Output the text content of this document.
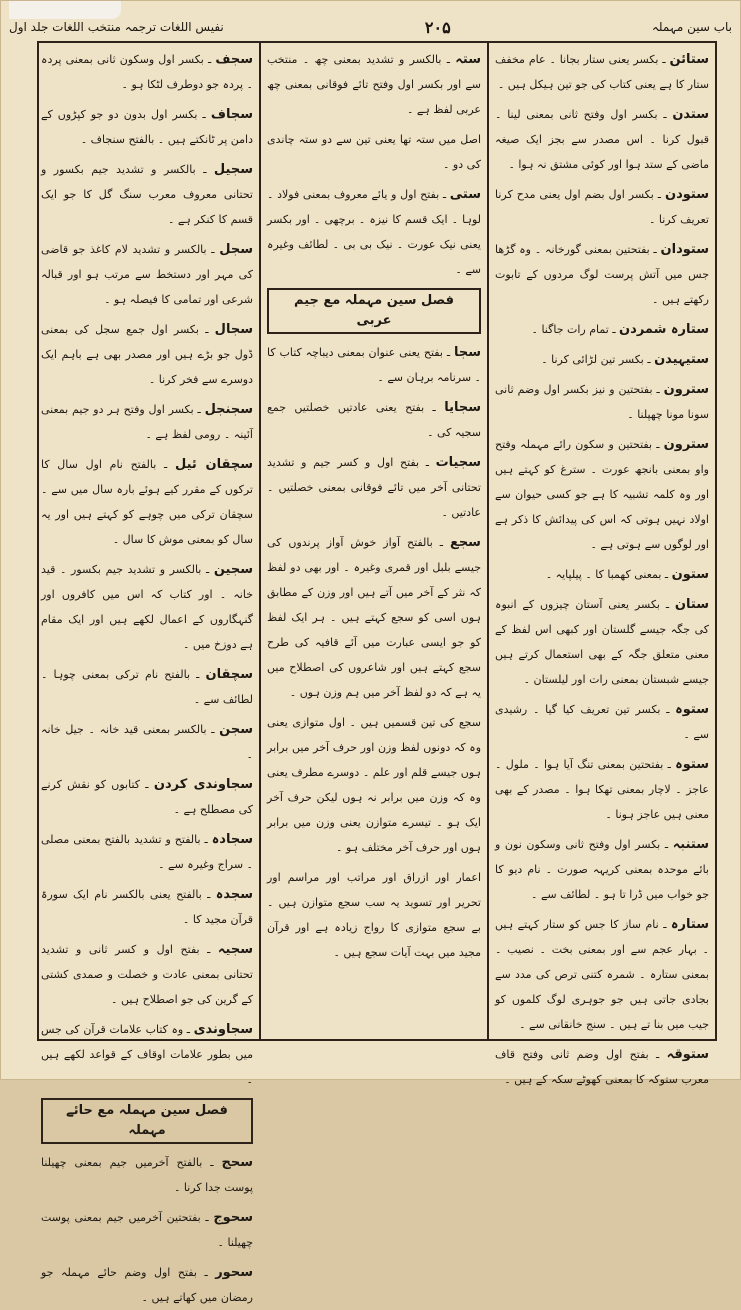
باب سین مہملہ
۲۰۵
نفیس اللغات ترجمہ منتخب اللغات جلد اول

ستائن ـ بکسر یعنی ستار بجانا ۔ عام مخفف ستار کا ہے یعنی کتاب کی جو تین ہیکل ہیں ۔

ستدن ـ بکسر اول وفتح ثانی بمعنی لینا ۔ قبول کرنا ۔ اس مصدر سے بجز ایک صیغہ ماضی کے ستد ہوا اور کوئی مشتق نہ ہوا ۔

ستودن ـ بکسر اول بضم اول یعنی مدح کرنا تعریف کرنا ۔

ستودان ـ بفتحتین بمعنی گورخانہ ۔ وہ گڑھا جس میں آتش پرست لوگ مردوں کے تابوت رکھتے ہیں ۔

ستارہ شمردن ـ تمام رات جاگنا ۔

ستیہیدن ـ بکسر تین لڑائی کرنا ۔

سترون ـ بفتحتین و نیز بکسر اول وضم ثانی سونا مونا چھپلنا ۔

سترون ـ بفتحتین و سکون رائے مہملہ وفتح واو بمعنی بانجھ عورت ۔ سترغ کو کہتے ہیں اور وہ کلمہ تشبیہ کا ہے جو کسی حیوان سے اولاد نہیں ہوتی کہ اس کی پیدائش کا ذکر ہے اور لوگوں سے ہوتی ہے ۔

ستون ـ بمعنی کھمبا کا ۔ پیلپایہ ۔

ستان ـ بکسر یعنی آستان چیزوں کے انبوہ کی جگہ جیسے گلستان اور کبھی اس لفظ کے معنی متعلق جگہ کے بھی استعمال کرتے ہیں جیسے شبستان بمعنی رات اور لیلستان ۔

ستوہ ـ بکسر تین تعریف کیا گیا ۔ رشیدی سے ۔

ستوہ ـ بفتحتین بمعنی تنگ آیا ہوا ۔ ملول ۔ عاجز ۔ لاچار بمعنی تھکا ہوا ۔ مصدر کے بھی معنی ہیں عاجز ہونا ۔

ستنبہ ـ بکسر اول وفتح ثانی وسکون نون و بائے موحدہ بمعنی کریہہ صورت ۔ نام دیو کا جو خواب میں ڈرا تا ہو ۔ لطائف سے ۔

ستارہ ـ نام ساز کا جس کو ستار کہتے ہیں ۔ بہار عجم سے اور بمعنی بخت ۔ نصیب ۔ بمعنی ستارہ ۔ شمرہ کتنی ترص کی مدد سے بجادی جاتی ہیں جو جوہری لوگ کلموں کو جیب میں بنا تے ہیں ۔ سنج خانقانی سے ۔

ستوقہ ـ بفتح اول وضم ثانی وفتح قاف معرب ستوکہ کا بمعنی کھوٹے سکہ کے ہیں ۔

ستہ ـ بالکسر و تشدید بمعنی چھ ۔ منتخب سے اور بکسر اول وفتح تائے فوقانی بمعنی چھ عربی لفظ ہے ۔

اصل میں ستہ تھا یعنی تین سے دو ستہ چاندی کی دو ۔

ستی ـ بفتح اول و یائے معروف بمعنی فولاد ۔ لوہا ۔ ایک قسم کا نیزہ ۔ برچھی ۔ اور بکسر یعنی نیک عورت ۔ نیک بی بی ۔ لطائف وغیرہ سے ۔

فصل سین مہملہ مع جیم عربی

سجا ـ بفتح یعنی عنوان بمعنی دیباچہ کتاب کا ۔ سرنامہ برہان سے ۔

سجایا ـ بفتح یعنی عادتیں خصلتیں جمع سجیہ کی ۔

سجیات ـ بفتح اول و کسر جیم و تشدید تحتانی آخر میں تائے فوقانی بمعنی خصلتیں ۔ عادتیں ۔

سجع ـ بالفتح آواز خوش آواز پرندوں کی جیسے بلبل اور قمری وغیرہ ۔ اور بھی دو لفظ کہ نثر کے آخر میں آتے ہیں اور وزن کے مطابق ہوں اسی کو سجع کہتے ہیں ۔ ہر ایک لفظ کو جو ایسی عبارت میں آئے قافیہ کی طرح سجع کہتے ہیں اور شاعروں کی اصطلاح میں یہ ہے کہ دو لفظ آخر میں ہم وزن ہوں ۔

سجع کی تین قسمیں ہیں ۔ اول متوازی یعنی وہ کہ دونوں لفظ وزن اور حرف آخر میں برابر ہوں جیسے قلم اور علم ۔ دوسرے مطرف یعنی وہ کہ وزن میں برابر نہ ہوں لیکن حرف آخر ایک ہو ۔ تیسرے متوازن یعنی وزن میں برابر ہوں اور حرف آخر مختلف ہو ۔

اعمار اور ازراق اور مراتب اور مراسم اور تحریر اور تسوید یہ سب سجع متوازن ہیں ۔ بے سجع متوازی کا رواج زیادہ ہے اور قرآن مجید میں بہت آیات سجع ہیں ۔

سجف ـ بکسر اول وسکون ثانی بمعنی پردہ ۔ پردہ جو دوطرف لٹکا ہو ۔

سجاف ـ بکسر اول بدون دو جو کپڑوں کے دامن پر ٹانکتے ہیں ۔ بالفتح سنجاف ۔

سجیل ـ بالکسر و تشدید جیم بکسور و تحتانی معروف معرب سنگ گل کا جو ایک قسم کا کنکر ہے ۔

سجل ـ بالکسر و تشدید لام کاغذ جو قاضی کی مہر اور دستخط سے مرتب ہو اور قبالہ شرعی اور تمامی کا فیصلہ ہو ۔

سجال ـ بکسر اول جمع سجل کی بمعنی ڈول جو بڑے ہیں اور مصدر بھی ہے باہم ایک دوسرے سے فخر کرنا ۔

سجنجل ـ بکسر اول وفتح ہر دو جیم بمعنی آئینہ ۔ رومی لفظ ہے ۔

سچقان ئیل ـ بالفتح نام اول سال کا ترکوں کے مقرر کیے ہوئے بارہ سال میں سے ۔ سچقان ترکی میں چوہے کو کہتے ہیں اور یہ سال کو بمعنی موش کا سال ۔

سجین ـ بالکسر و تشدید جیم بکسور ۔ قید خانہ ۔ اور کتاب کہ اس میں کافروں اور گنہگاروں کے اعمال لکھے ہیں اور ایک مقام ہے دوزخ میں ۔

سچقان ـ بالفتح نام ترکی بمعنی چوہا ۔ لطائف سے ۔

سجن ـ بالکسر بمعنی قید خانہ ۔ جیل خانہ ۔

سجاوندی کردن ـ کتابوں کو نقش کرنے کی مصطلح ہے ۔

سجادہ ـ بالفتح و تشدید بالفتح بمعنی مصلی ۔ سراج وغیرہ سے ۔

سجدہ ـ بالفتح یعنی بالکسر نام ایک سورۃ قرآن مجید کا ۔

سجیہ ـ بفتح اول و کسر ثانی و تشدید تحتانی بمعنی عادت و خصلت و صمدی کشتی کے گرین کی جو اصطلاح ہیں ۔

سجاوندی ـ وہ کتاب علامات قرآن کی جس میں بطور علامات اوقاف کے قواعد لکھے ہیں ۔

فصل سین مہملہ مع حائے مہملہ

سحج ـ بالفتح آخرمیں جیم بمعنی چھیلنا پوست جدا کرنا ۔

سحوج ـ بفتحتین آخرمیں جیم بمعنی پوست چھیلنا ۔

سحور ـ بفتح اول وضم حائے مہملہ جو رمضان میں کھاتے ہیں ۔
